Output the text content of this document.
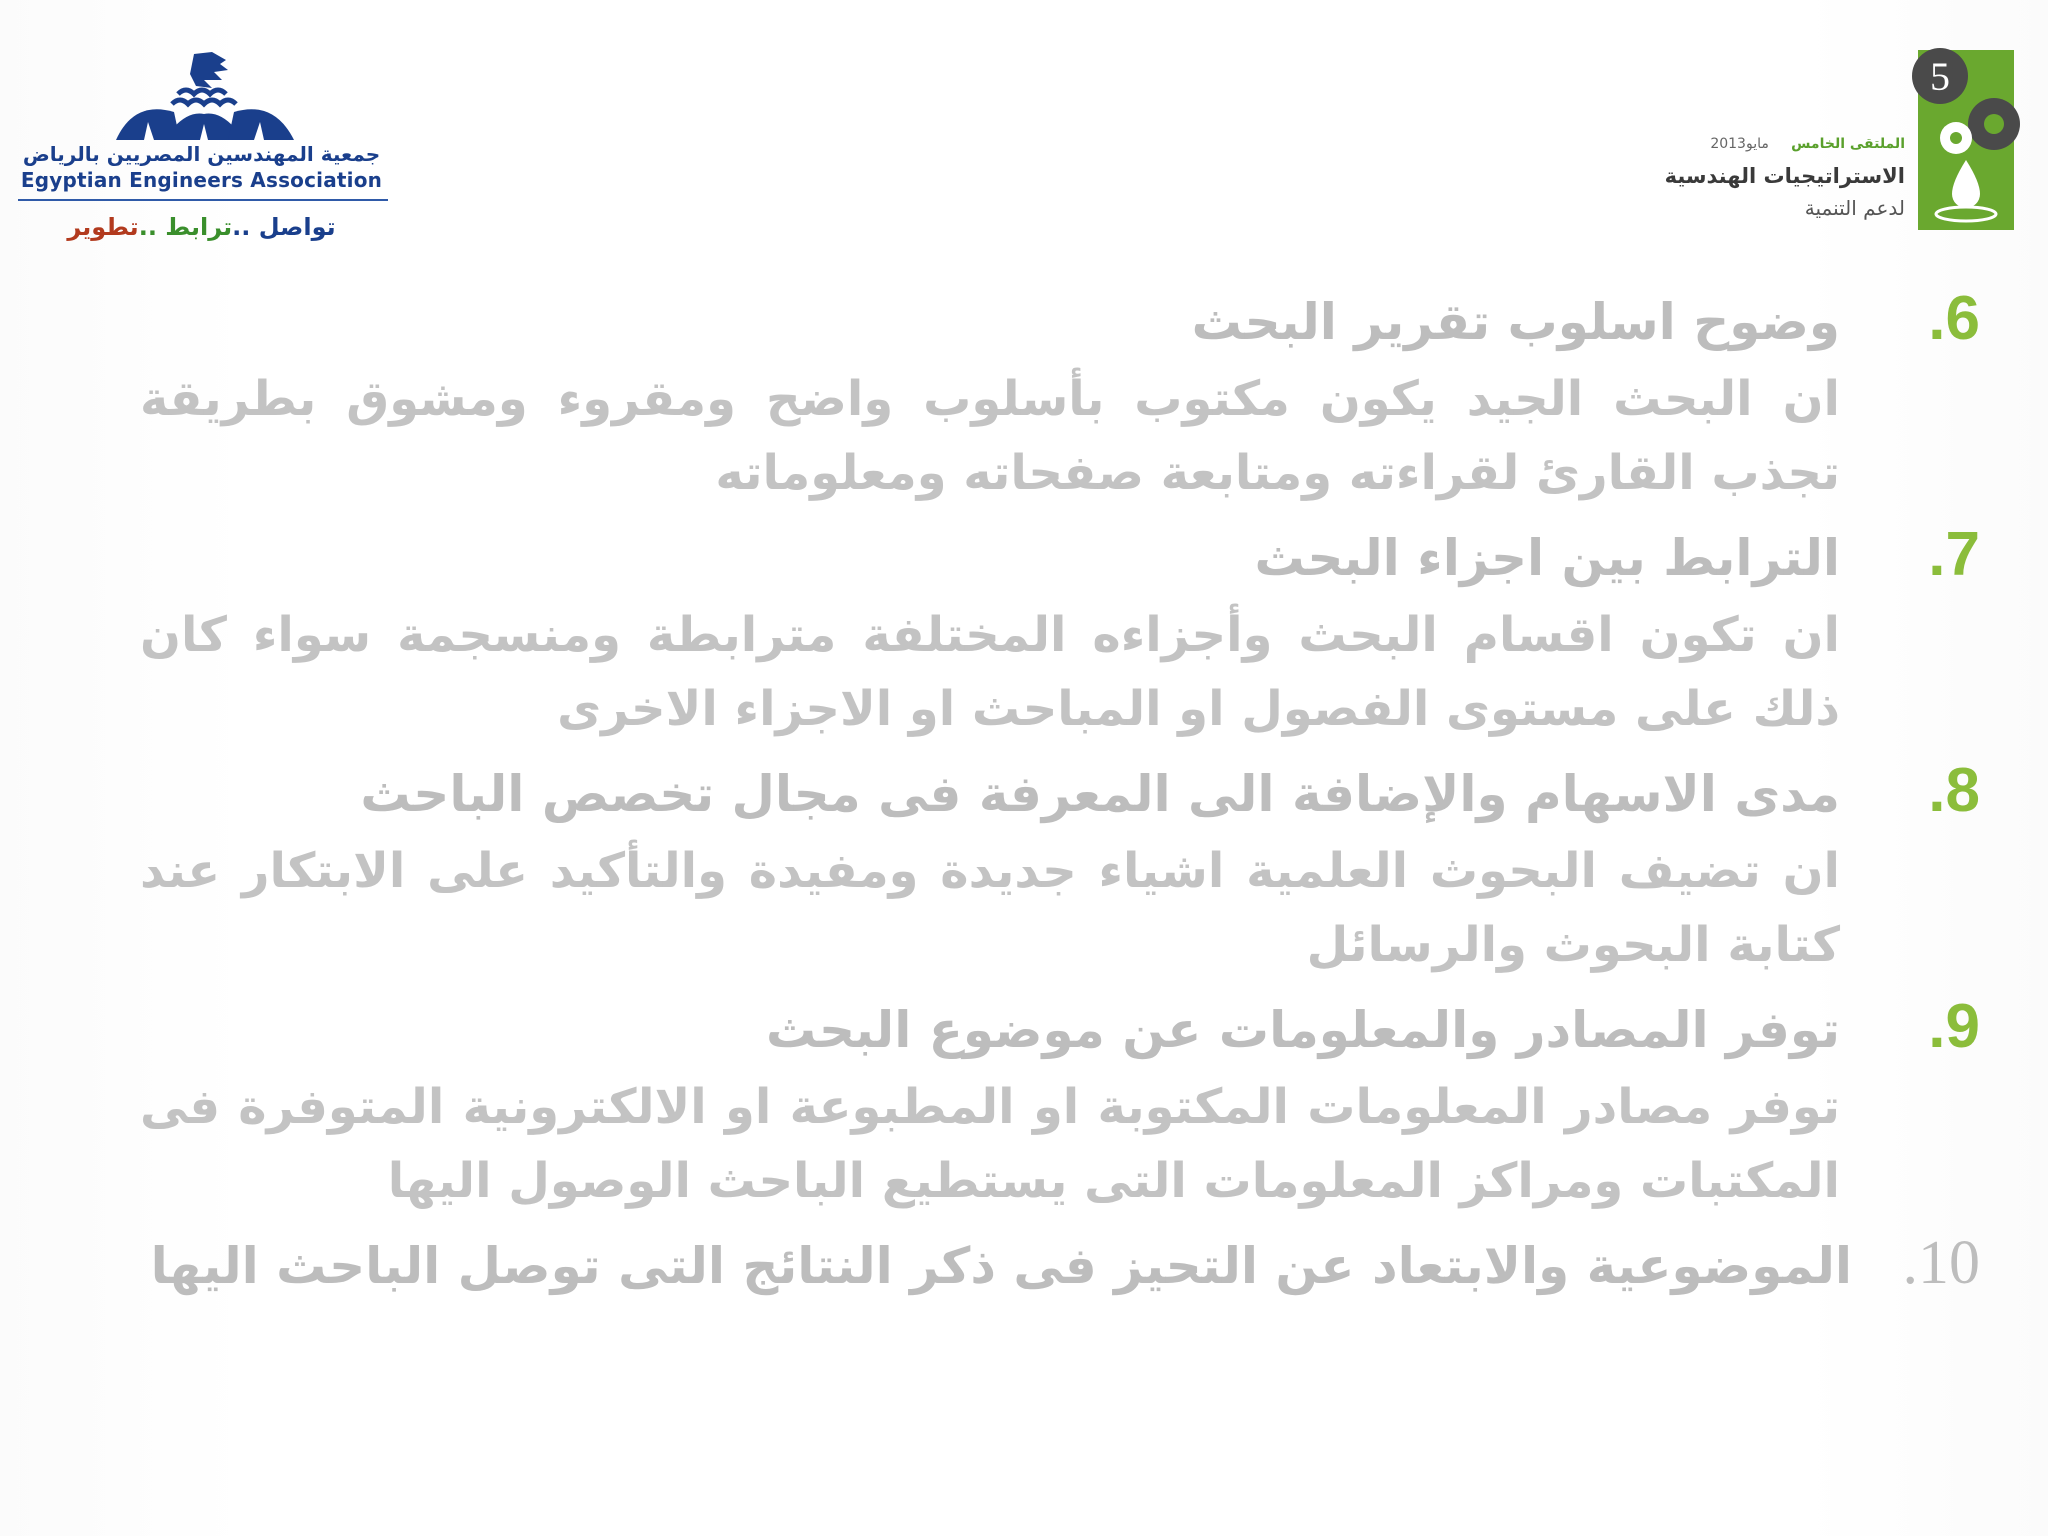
جمعية المهندسين المصريين بالرياض
Egyptian Engineers Association
تواصل ..ترابط ..تطوير
5
الملتقى الخامس     مايو2013
الاستراتيجيات الهندسية
لدعم التنمية
.6
وضوح اسلوب تقرير البحث
ان البحث الجيد يكون مكتوب بأسلوب واضح ومقروء ومشوق بطريقة تجذب القارئ لقراءته ومتابعة صفحاته ومعلوماته
.7
الترابط بين اجزاء البحث
ان تكون اقسام البحث وأجزاءه المختلفة مترابطة ومنسجمة سواء كان ذلك على مستوى الفصول او المباحث او الاجزاء الاخرى
.8
مدى الاسهام والإضافة الى المعرفة فى مجال تخصص الباحث
ان تضيف البحوث العلمية اشياء جديدة ومفيدة والتأكيد على الابتكار عند كتابة البحوث والرسائل
.9
توفر المصادر والمعلومات عن موضوع البحث
توفر مصادر المعلومات المكتوبة او المطبوعة او الالكترونية المتوفرة فى المكتبات ومراكز المعلومات التى يستطيع الباحث الوصول اليها
.10
الموضوعية والابتعاد عن التحيز فى ذكر النتائج التى توصل الباحث اليها
